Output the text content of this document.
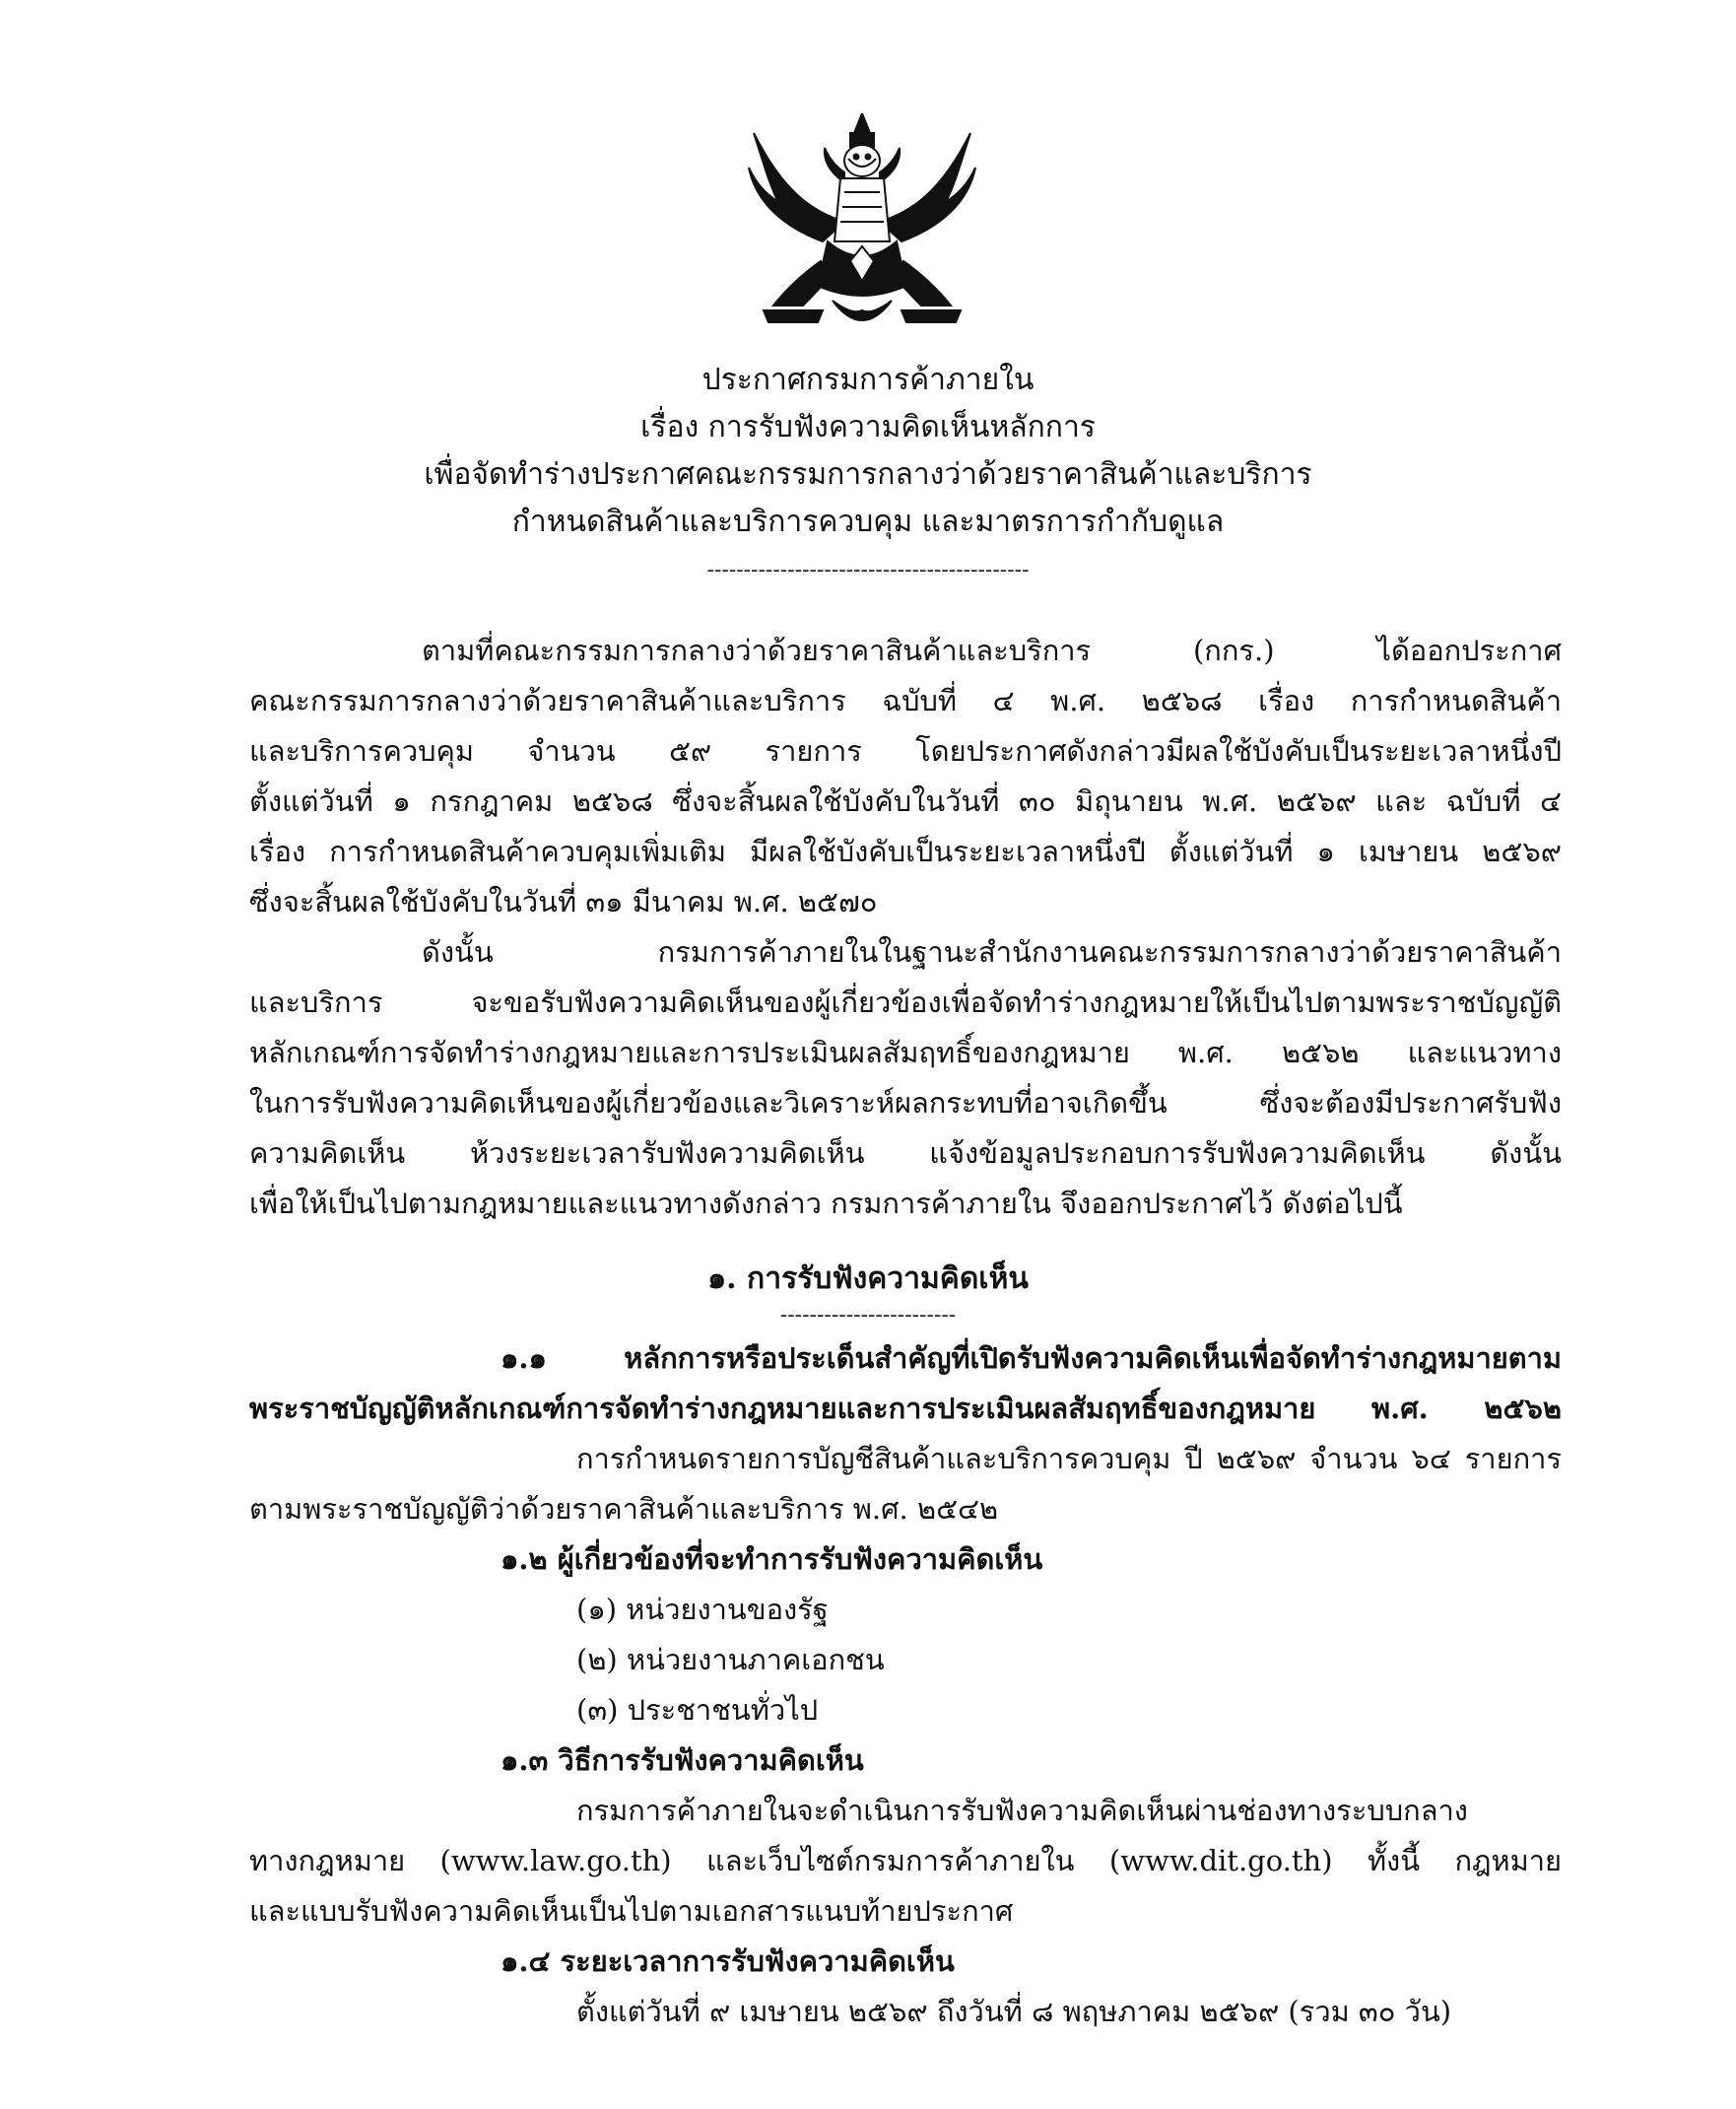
ประกาศกรมการค้าภายใน
เรื่อง การรับฟังความคิดเห็นหลักการ
เพื่อจัดทำร่างประกาศคณะกรรมการกลางว่าด้วยราคาสินค้าและบริการ
กำหนดสินค้าและบริการควบคุม และมาตรการกำกับดูแล
--------------------------------------------
ตามที่คณะกรรมการกลางว่าด้วยราคาสินค้าและบริการ (กกร.) ได้ออกประกาศ
คณะกรรมการกลางว่าด้วยราคาสินค้าและบริการ ฉบับที่ ๔ พ.ศ. ๒๕๖๘ เรื่อง การกำหนดสินค้า
และบริการควบคุม จำนวน ๕๙ รายการ โดยประกาศดังกล่าวมีผลใช้บังคับเป็นระยะเวลาหนึ่งปี
ตั้งแต่วันที่ ๑ กรกฎาคม ๒๕๖๘ ซึ่งจะสิ้นผลใช้บังคับในวันที่ ๓๐ มิถุนายน พ.ศ. ๒๕๖๙ และ ฉบับที่ ๔
เรื่อง การกำหนดสินค้าควบคุมเพิ่มเติม มีผลใช้บังคับเป็นระยะเวลาหนึ่งปี ตั้งแต่วันที่ ๑ เมษายน ๒๕๖๙
ซึ่งจะสิ้นผลใช้บังคับในวันที่ ๓๑ มีนาคม พ.ศ. ๒๕๗๐
ดังนั้น กรมการค้าภายในในฐานะสำนักงานคณะกรรมการกลางว่าด้วยราคาสินค้า
และบริการ จะขอรับฟังความคิดเห็นของผู้เกี่ยวข้องเพื่อจัดทำร่างกฎหมายให้เป็นไปตามพระราชบัญญัติ
หลักเกณฑ์การจัดทำร่างกฎหมายและการประเมินผลสัมฤทธิ์ของกฎหมาย พ.ศ. ๒๕๖๒ และแนวทาง
ในการรับฟังความคิดเห็นของผู้เกี่ยวข้องและวิเคราะห์ผลกระทบที่อาจเกิดขึ้น ซึ่งจะต้องมีประกาศรับฟัง
ความคิดเห็น ห้วงระยะเวลารับฟังความคิดเห็น แจ้งข้อมูลประกอบการรับฟังความคิดเห็น ดังนั้น
เพื่อให้เป็นไปตามกฎหมายและแนวทางดังกล่าว กรมการค้าภายใน จึงออกประกาศไว้ ดังต่อไปนี้
๑. การรับฟังความคิดเห็น
------------------------
๑.๑ หลักการหรือประเด็นสำคัญที่เปิดรับฟังความคิดเห็นเพื่อจัดทำร่างกฎหมายตาม
พระราชบัญญัติหลักเกณฑ์การจัดทำร่างกฎหมายและการประเมินผลสัมฤทธิ์ของกฎหมาย พ.ศ. ๒๕๖๒
การกำหนดรายการบัญชีสินค้าและบริการควบคุม ปี ๒๕๖๙ จำนวน ๖๔ รายการ
ตามพระราชบัญญัติว่าด้วยราคาสินค้าและบริการ พ.ศ. ๒๕๔๒
๑.๒ ผู้เกี่ยวข้องที่จะทำการรับฟังความคิดเห็น
(๑) หน่วยงานของรัฐ
(๒) หน่วยงานภาคเอกชน
(๓) ประชาชนทั่วไป
๑.๓ วิธีการรับฟังความคิดเห็น
กรมการค้าภายในจะดำเนินการรับฟังความคิดเห็นผ่านช่องทางระบบกลาง
ทางกฎหมาย (www.law.go.th) และเว็บไซต์กรมการค้าภายใน (www.dit.go.th) ทั้งนี้ กฎหมาย
และแบบรับฟังความคิดเห็นเป็นไปตามเอกสารแนบท้ายประกาศ
๑.๔ ระยะเวลาการรับฟังความคิดเห็น
ตั้งแต่วันที่ ๙ เมษายน ๒๕๖๙ ถึงวันที่ ๘ พฤษภาคม ๒๕๖๙ (รวม ๓๐ วัน)
